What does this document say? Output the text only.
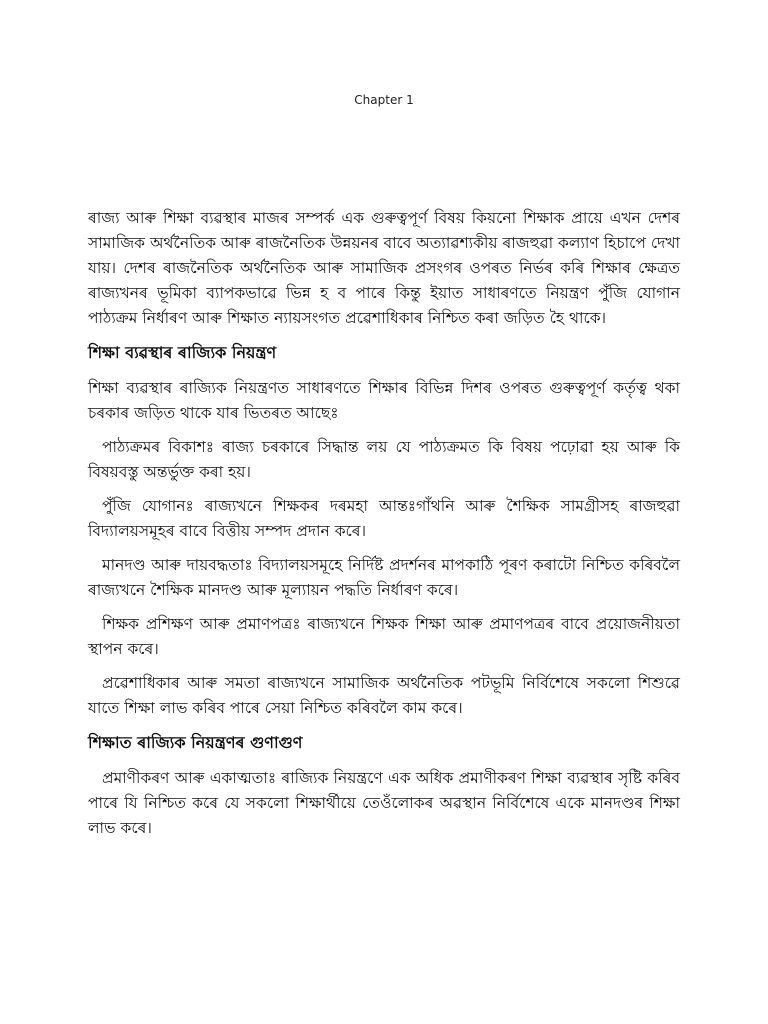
Chapter 1

ৰাজ্য আৰু শিক্ষা ব্যৱস্থাৰ মাজৰ সম্পৰ্ক এক গুৰুত্বপূৰ্ণ বিষয় কিয়নো শিক্ষাক প্ৰায়ে এখন দেশৰ সামাজিক অৰ্থনৈতিক আৰু ৰাজনৈতিক উন্নয়নৰ বাবে অত্যাৱশ্যকীয় ৰাজহুৱা কল্যাণ হিচাপে দেখা যায়। দেশৰ ৰাজনৈতিক অৰ্থনৈতিক আৰু সামাজিক প্ৰসংগৰ ওপৰত নিৰ্ভৰ কৰি শিক্ষাৰ ক্ষেত্ৰত ৰাজ্যখনৰ ভূমিকা ব্যাপকভাৱে ভিন্ন হ ব পাৰে কিন্তু ইয়াত সাধাৰণতে নিয়ন্ত্ৰণ পুঁজি যোগান পাঠ্যক্ৰম নিৰ্ধাৰণ আৰু শিক্ষাত ন্যায়সংগত প্ৰৱেশাধিকাৰ নিশ্চিত কৰা জড়িত হৈ থাকে।

শিক্ষা ব্যৱস্থাৰ ৰাজ্যিক নিয়ন্ত্ৰণ

শিক্ষা ব্যৱস্থাৰ ৰাজ্যিক নিয়ন্ত্ৰণত সাধাৰণতে শিক্ষাৰ বিভিন্ন দিশৰ ওপৰত গুৰুত্বপূৰ্ণ কৰ্তৃত্ব থকা চৰকাৰ জড়িত থাকে যাৰ ভিতৰত আছেঃ

পাঠ্যক্ৰমৰ বিকাশঃ ৰাজ্য চৰকাৰে সিদ্ধান্ত লয় যে পাঠ্যক্ৰমত কি বিষয় পঢ়োৱা হয় আৰু কি বিষয়বস্তু অন্তৰ্ভুক্ত কৰা হয়।

পুঁজি যোগানঃ ৰাজ্যখনে শিক্ষকৰ দৰমহা আন্তঃগাঁথনি আৰু শৈক্ষিক সামগ্ৰীসহ ৰাজহুৱা বিদ্যালয়সমূহৰ বাবে বিত্তীয় সম্পদ প্ৰদান কৰে।

মানদণ্ড আৰু দায়বদ্ধতাঃ বিদ্যালয়সমূহে নিৰ্দিষ্ট প্ৰদৰ্শনৰ মাপকাঠি পূৰণ কৰাটো নিশ্চিত কৰিবলৈ ৰাজ্যখনে শৈক্ষিক মানদণ্ড আৰু মূল্যায়ন পদ্ধতি নিৰ্ধাৰণ কৰে।

শিক্ষক প্ৰশিক্ষণ আৰু প্ৰমাণপত্ৰঃ ৰাজ্যখনে শিক্ষক শিক্ষা আৰু প্ৰমাণপত্ৰৰ বাবে প্ৰয়োজনীয়তা স্থাপন কৰে।

প্ৰৱেশাধিকাৰ আৰু সমতা ৰাজ্যখনে সামাজিক অৰ্থনৈতিক পটভূমি নিৰ্বিশেষে সকলো শিশুৱে যাতে শিক্ষা লাভ কৰিব পাৰে সেয়া নিশ্চিত কৰিবলৈ কাম কৰে।

শিক্ষাত ৰাজ্যিক নিয়ন্ত্ৰণৰ গুণাগুণ

প্ৰমাণীকৰণ আৰু একাত্মতাঃ ৰাজ্যিক নিয়ন্ত্ৰণে এক অধিক প্ৰমাণীকৰণ শিক্ষা ব্যৱস্থাৰ সৃষ্টি কৰিব পাৰে যি নিশ্চিত কৰে যে সকলো শিক্ষাৰ্থীয়ে তেওঁলোকৰ অৱস্থান নিৰ্বিশেষে একে মানদণ্ডৰ শিক্ষা লাভ কৰে।
